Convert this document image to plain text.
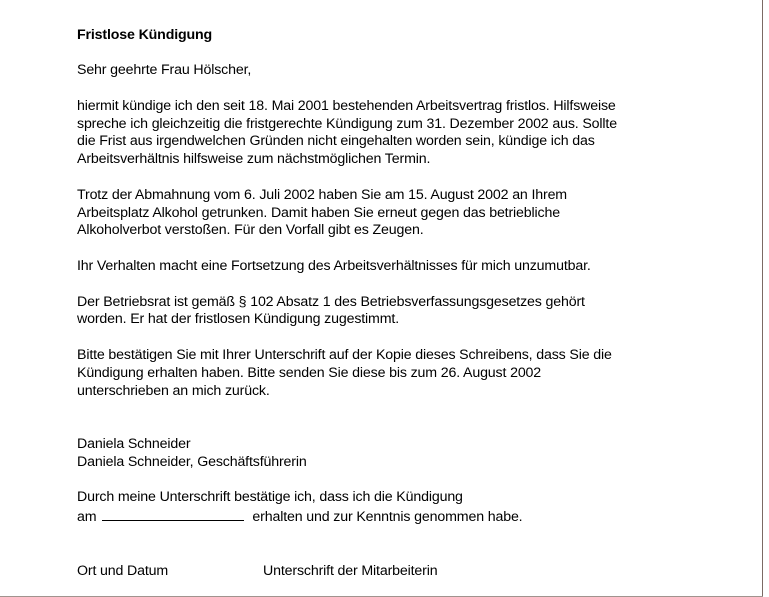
Fristlose Kündigung

Sehr geehrte Frau Hölscher,

hiermit kündige ich den seit 18. Mai 2001 bestehenden Arbeitsvertrag fristlos. Hilfsweise

spreche ich gleichzeitig die fristgerechte Kündigung zum 31. Dezember 2002 aus. Sollte

die Frist aus irgendwelchen Gründen nicht eingehalten worden sein, kündige ich das

Arbeitsverhältnis hilfsweise zum nächstmöglichen Termin.

Trotz der Abmahnung vom 6. Juli 2002 haben Sie am 15. August 2002 an Ihrem

Arbeitsplatz Alkohol getrunken. Damit haben Sie erneut gegen das betriebliche

Alkoholverbot verstoßen. Für den Vorfall gibt es Zeugen.

Ihr Verhalten macht eine Fortsetzung des Arbeitsverhältnisses für mich unzumutbar.

Der Betriebsrat ist gemäß § 102 Absatz 1 des Betriebsverfassungsgesetzes gehört

worden. Er hat der fristlosen Kündigung zugestimmt.

Bitte bestätigen Sie mit Ihrer Unterschrift auf der Kopie dieses Schreibens, dass Sie die

Kündigung erhalten haben. Bitte senden Sie diese bis zum 26. August 2002

unterschrieben an mich zurück.

Daniela Schneider

Daniela Schneider, Geschäftsführerin

Durch meine Unterschrift bestätige ich, dass ich die Kündigung

am	erhalten und zur Kenntnis genommen habe.
Ort und Datum	Unterschrift der Mitarbeiterin
